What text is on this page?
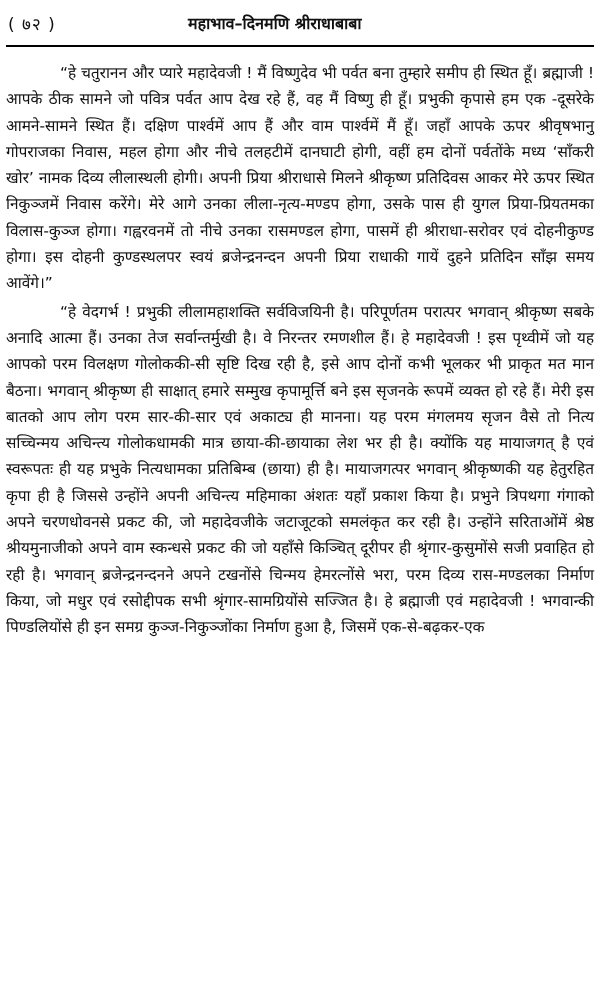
( ७२ )	महाभाव–दिनमणि श्रीराधाबाबा

“हे चतुरानन और प्यारे महादेवजी ! मैं विष्णुदेव भी पर्वत बना तुम्हारे समीप ही स्थित हूँ। ब्रह्माजी ! आपके ठीक सामने जो पवित्र पर्वत आप देख रहे हैं, वह मैं विष्णु ही हूँ। प्रभुकी कृपासे हम एक -दूसरेके आमने-सामने स्थित हैं। दक्षिण पार्श्वमें आप हैं और वाम पार्श्वमें मैं हूँ। जहाँ आपके ऊपर श्रीवृषभानु गोपराजका निवास, महल होगा और नीचे तलहटीमें दानघाटी होगी, वहीं हम दोनों पर्वतोंके मध्य ‘साँकरी खोर’ नामक दिव्य लीलास्थली होगी। अपनी प्रिया श्रीराधासे मिलने श्रीकृष्ण प्रतिदिवस आकर मेरे ऊपर स्थित निकुञ्जमें निवास करेंगे। मेरे आगे उनका लीला-नृत्य-मण्डप होगा, उसके पास ही युगल प्रिया-प्रियतमका विलास-कुञ्ज होगा। गह्वरवनमें तो नीचे उनका रासमण्डल होगा, पासमें ही श्रीराधा-सरोवर एवं दोहनीकुण्ड होगा। इस दोहनी कुण्डस्थलपर स्वयं ब्रजेन्द्रनन्दन अपनी प्रिया राधाकी गायें दुहने प्रतिदिन साँझ समय आवेंगे।”

“हे वेदगर्भ ! प्रभुकी लीलामहाशक्ति सर्वविजयिनी है। परिपूर्णतम परात्पर भगवान् श्रीकृष्ण सबके अनादि आत्मा हैं। उनका तेज सर्वान्तर्मुखी है। वे निरन्तर रमणशील हैं। हे महादेवजी ! इस पृथ्वीमें जो यह आपको परम विलक्षण गोलोककी-सी सृष्टि दिख रही है, इसे आप दोनों कभी भूलकर भी प्राकृत मत मान बैठना। भगवान् श्रीकृष्ण ही साक्षात् हमारे सम्मुख कृपामूर्त्ति बने इस सृजनके रूपमें व्यक्त हो रहे हैं। मेरी इस बातको आप लोग परम सार-की-सार एवं अकाट्य ही मानना। यह परम मंगलमय सृजन वैसे तो नित्य सच्चिन्मय अचिन्त्य गोलोकधामकी मात्र छाया-की-छायाका लेश भर ही है। क्योंकि यह मायाजगत् है एवं स्वरूपतः ही यह प्रभुके नित्यधामका प्रतिबिम्ब (छाया) ही है। मायाजगत्पर भगवान् श्रीकृष्णकी यह हेतुरहित कृपा ही है जिससे उन्होंने अपनी अचिन्त्य महिमाका अंशतः यहाँ प्रकाश किया है। प्रभुने त्रिपथगा गंगाको अपने चरणधोवनसे प्रकट की, जो महादेवजीके जटाजूटको समलंकृत कर रही है। उन्होंने सरिताओंमें श्रेष्ठ श्रीयमुनाजीको अपने वाम स्कन्धसे प्रकट की जो यहाँसे किञ्चित् दूरीपर ही श्रृंगार-कुसुमोंसे सजी प्रवाहित हो रही है। भगवान् ब्रजेन्द्रनन्दनने अपने टखनोंसे चिन्मय हेमरत्नोंसे भरा, परम दिव्य रास-मण्डलका निर्माण किया, जो मधुर एवं रसोद्दीपक सभी श्रृंगार-सामग्रियोंसे सज्जित है। हे ब्रह्माजी एवं महादेवजी ! भगवान्की पिण्डलियोंसे ही इन समग्र कुञ्ज-निकुञ्जोंका निर्माण हुआ है, जिसमें एक-से-बढ़कर-एक
